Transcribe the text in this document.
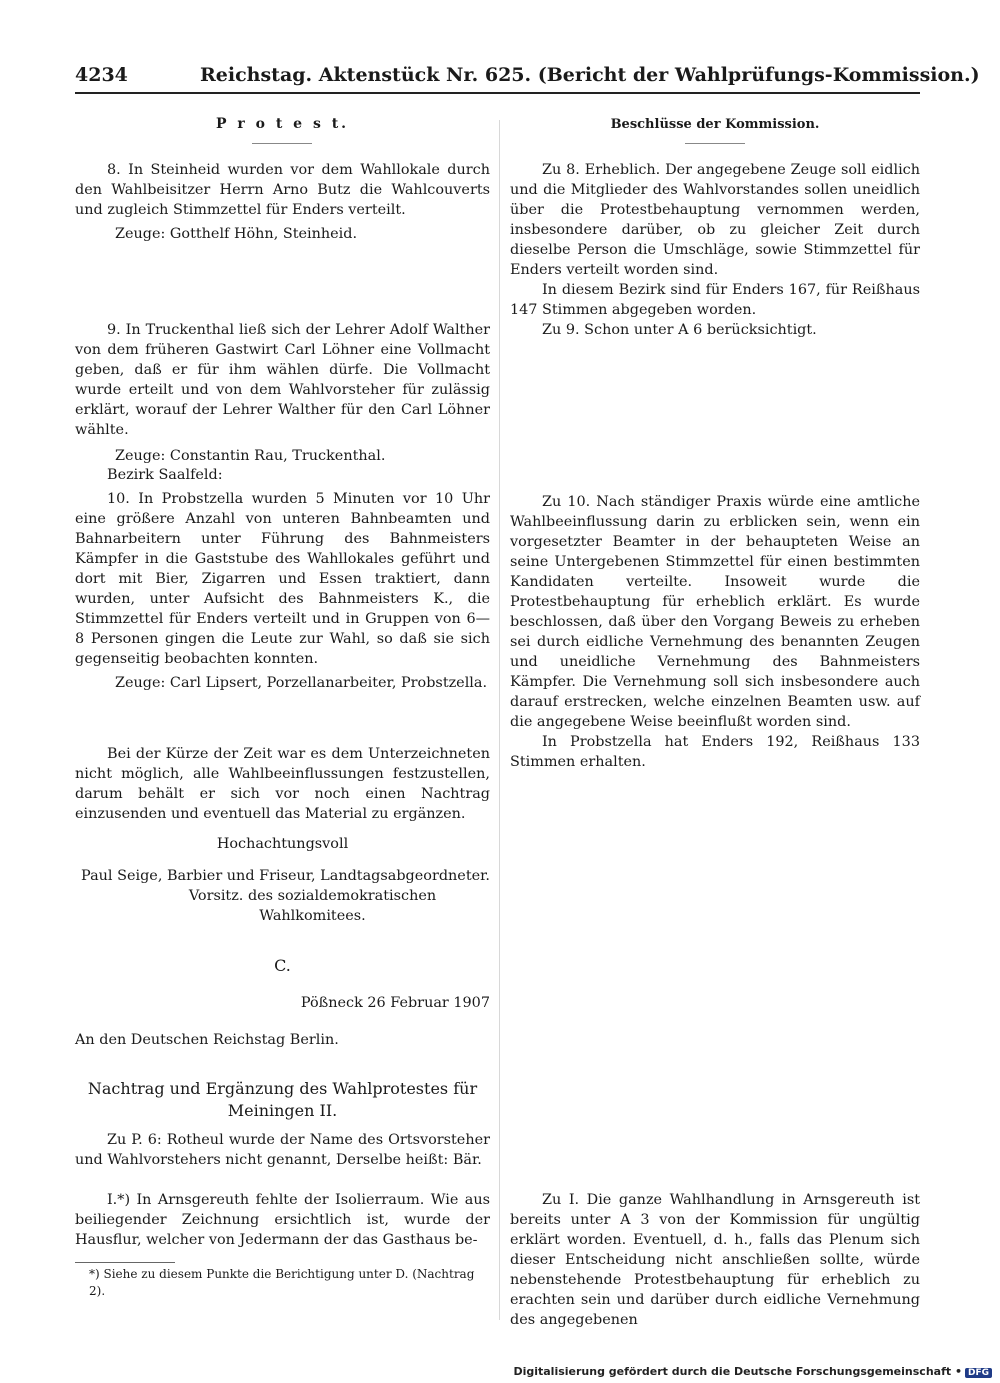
4234	Reichstag. Aktenstück Nr. 625. (Bericht der Wahlprüfungs-Kommission.)
P r o t e s t.	Beschlüsse der Kommission.

8. In Steinheid wurden vor dem Wahllokale durch den Wahlbeisitzer Herrn Arno Butz die Wahlcouverts und zugleich Stimmzettel für Enders verteilt.

Zeuge: Gotthelf Höhn, Steinheid.

9. In Truckenthal ließ sich der Lehrer Adolf Walther von dem früheren Gastwirt Carl Löhner eine Vollmacht geben, daß er für ihm wählen dürfe. Die Vollmacht wurde erteilt und von dem Wahlvorsteher für zulässig erklärt, worauf der Lehrer Walther für den Carl Löhner wählte.

Zeuge: Constantin Rau, Truckenthal.
Bezirk Saalfeld:

10. In Probstzella wurden 5 Minuten vor 10 Uhr eine größere Anzahl von unteren Bahnbeamten und Bahnarbeitern unter Führung des Bahnmeisters Kämpfer in die Gaststube des Wahllokales geführt und dort mit Bier, Zigarren und Essen traktiert, dann wurden, unter Aufsicht des Bahnmeisters K., die Stimmzettel für Enders verteilt und in Gruppen von 6—8 Personen gingen die Leute zur Wahl, so daß sie sich gegenseitig beobachten konnten.

Zeuge: Carl Lipsert, Porzellanarbeiter, Probstzella.

Bei der Kürze der Zeit war es dem Unterzeichneten nicht möglich, alle Wahlbeeinflussungen festzustellen, darum behält er sich vor noch einen Nachtrag einzusenden und eventuell das Material zu ergänzen.

Hochachtungsvoll
Paul Seige, Barbier und Friseur, Landtagsabgeordneter.
Vorsitz. des sozialdemokratischen Wahlkomitees.
C.
Pößneck 26 Februar 1907
An den Deutschen Reichstag Berlin.
Nachtrag und Ergänzung des Wahlprotestes für
Meiningen II.

Zu P. 6: Rotheul wurde der Name des Ortsvorsteher und Wahlvorstehers nicht genannt, Derselbe heißt: Bär.

I.*) In Arnsgereuth fehlte der Isolierraum. Wie aus beiliegender Zeichnung ersichtlich ist, wurde der Hausflur, welcher von Jedermann der das Gasthaus be-

*) Siehe zu diesem Punkte die Berichtigung unter D. (Nachtrag 2).

Zu 8. Erheblich. Der angegebene Zeuge soll eidlich und die Mitglieder des Wahlvorstandes sollen uneidlich über die Protestbehauptung vernommen werden, insbesondere darüber, ob zu gleicher Zeit durch dieselbe Person die Umschläge, sowie Stimmzettel für Enders verteilt worden sind.

In diesem Bezirk sind für Enders 167, für Reißhaus 147 Stimmen abgegeben worden.

Zu 9. Schon unter A 6 berücksichtigt.

Zu 10. Nach ständiger Praxis würde eine amtliche Wahlbeeinflussung darin zu erblicken sein, wenn ein vorgesetzter Beamter in der behaupteten Weise an seine Untergebenen Stimmzettel für einen bestimmten Kandidaten verteilte. Insoweit wurde die Protestbehauptung für erheblich erklärt. Es wurde beschlossen, daß über den Vorgang Beweis zu erheben sei durch eidliche Vernehmung des benannten Zeugen und uneidliche Vernehmung des Bahnmeisters Kämpfer. Die Vernehmung soll sich insbesondere auch darauf erstrecken, welche einzelnen Beamten usw. auf die angegebene Weise beeinflußt worden sind.

In Probstzella hat Enders 192, Reißhaus 133 Stimmen erhalten.

Zu I. Die ganze Wahlhandlung in Arnsgereuth ist bereits unter A 3 von der Kommission für ungültig erklärt worden. Eventuell, d. h., falls das Plenum sich dieser Entscheidung nicht anschließen sollte, würde nebenstehende Protestbehauptung für erheblich zu erachten sein und darüber durch eidliche Vernehmung des angegebenen

Digitalisierung gefördert durch die Deutsche Forschungsgemeinschaft • DFG
